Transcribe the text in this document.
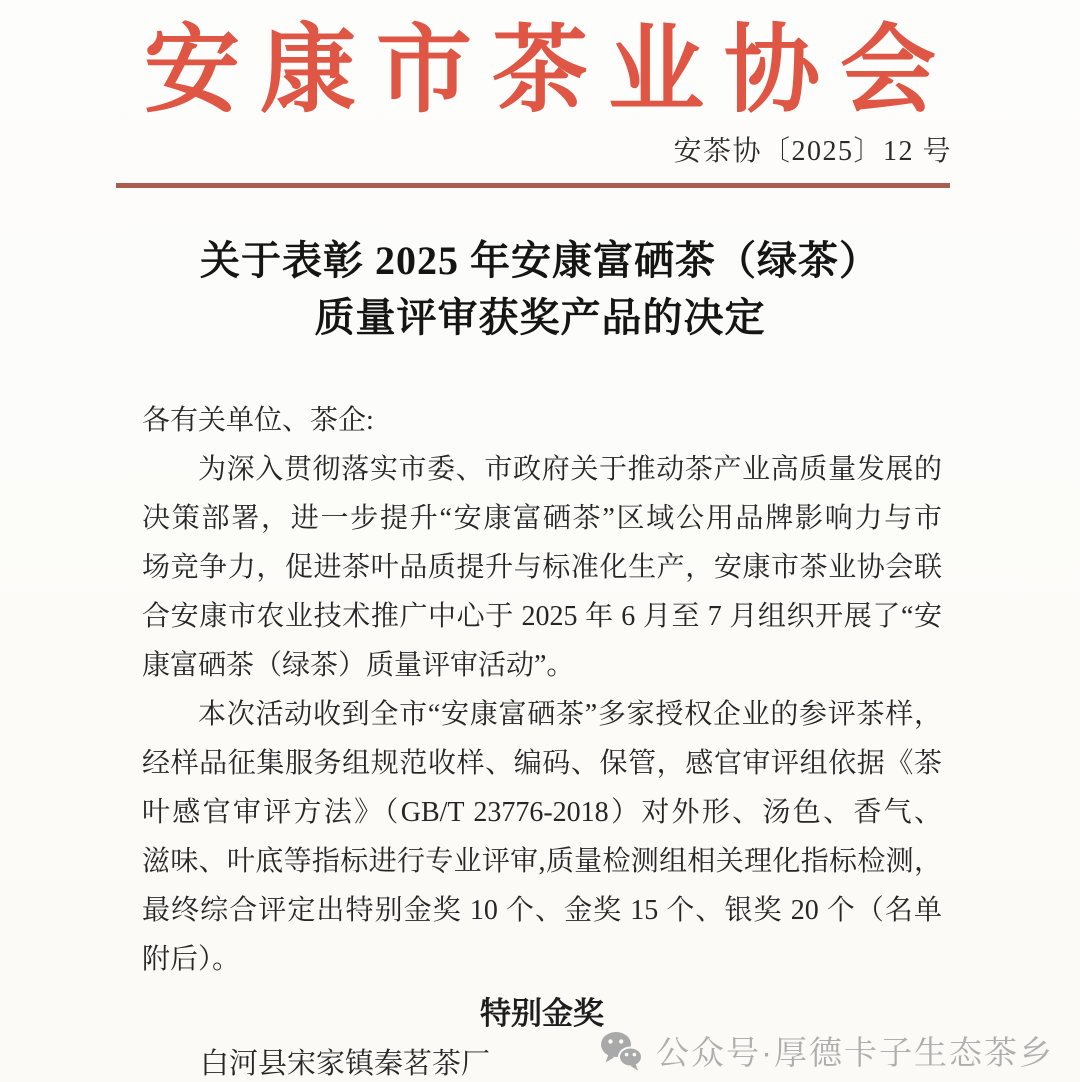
安康市茶业协会
安茶协〔2025〕12 号
关于表彰 2025 年安康富硒茶（绿茶）
质量评审获奖产品的决定
各有关单位、茶企:
为深入贯彻落实市委、市政府关于推动茶产业高质量发展的
决策部署，进一步提升“安康富硒茶”区域公用品牌影响力与市
场竞争力，促进茶叶品质提升与标准化生产，安康市茶业协会联
合安康市农业技术推广中心于 2025 年 6 月至 7 月组织开展了“安
康富硒茶（绿茶）质量评审活动”。
本次活动收到全市“安康富硒茶”多家授权企业的参评茶样，
经样品征集服务组规范收样、编码、保管，感官审评组依据《茶
叶感官审评方法》（GB/T 23776-2018）对外形、汤色、香气、
滋味、叶底等指标进行专业评审,质量检测组相关理化指标检测，
最终综合评定出特别金奖 10 个、金奖 15 个、银奖 20 个（名单
附后）。
特别金奖
白河县宋家镇秦茗茶厂	公众号·厚德卡子生态茶乡
